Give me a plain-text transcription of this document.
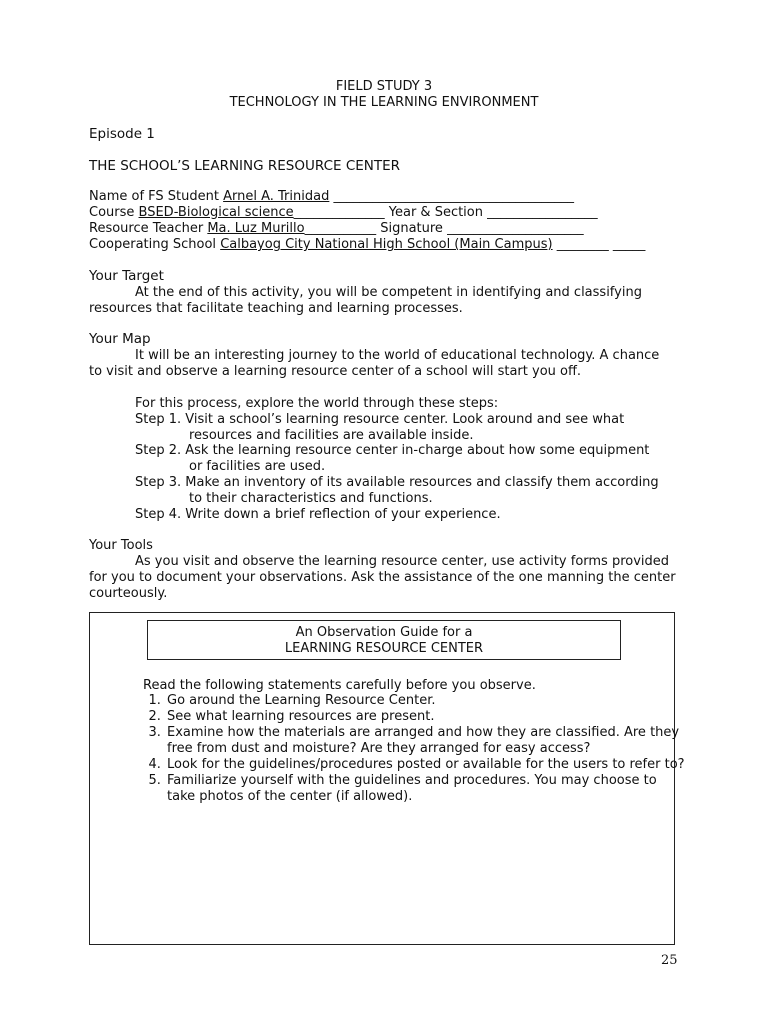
FIELD STUDY 3
TECHNOLOGY IN THE LEARNING ENVIRONMENT
Episode 1
THE SCHOOL’S LEARNING RESOURCE CENTER
Name of FS Student Arnel A. Trinidad _____________________________________
Course BSED-Biological science______________ Year & Section _________________
Resource Teacher Ma. Luz Murillo___________ Signature _____________________
Cooperating School Calbayog City National High School (Main Campus) ________ _____
Your Target
At the end of this activity, you will be competent in identifying and classifying
resources that facilitate teaching and learning processes.
Your Map
It will be an interesting journey to the world of educational technology. A chance
to visit and observe a learning resource center of a school will start you off.
For this process, explore the world through these steps:
Step 1. Visit a school’s learning resource center. Look around and see what
resources and facilities are available inside.
Step 2. Ask the learning resource center in-charge about how some equipment
or facilities are used.
Step 3. Make an inventory of its available resources and classify them according
to their characteristics and functions.
Step 4. Write down a brief reflection of your experience.
Your Tools
As you visit and observe the learning resource center, use activity forms provided
for you to document your observations. Ask the assistance of the one manning the center
courteously.
An Observation Guide for a
LEARNING RESOURCE CENTER
Read the following statements carefully before you observe.
1. Go around the Learning Resource Center.
2. See what learning resources are present.
3. Examine how the materials are arranged and how they are classified. Are they free from dust and moisture? Are they arranged for easy access?
4. Look for the guidelines/procedures posted or available for the users to refer to?
5. Familiarize yourself with the guidelines and procedures. You may choose to take photos of the center (if allowed).
25
